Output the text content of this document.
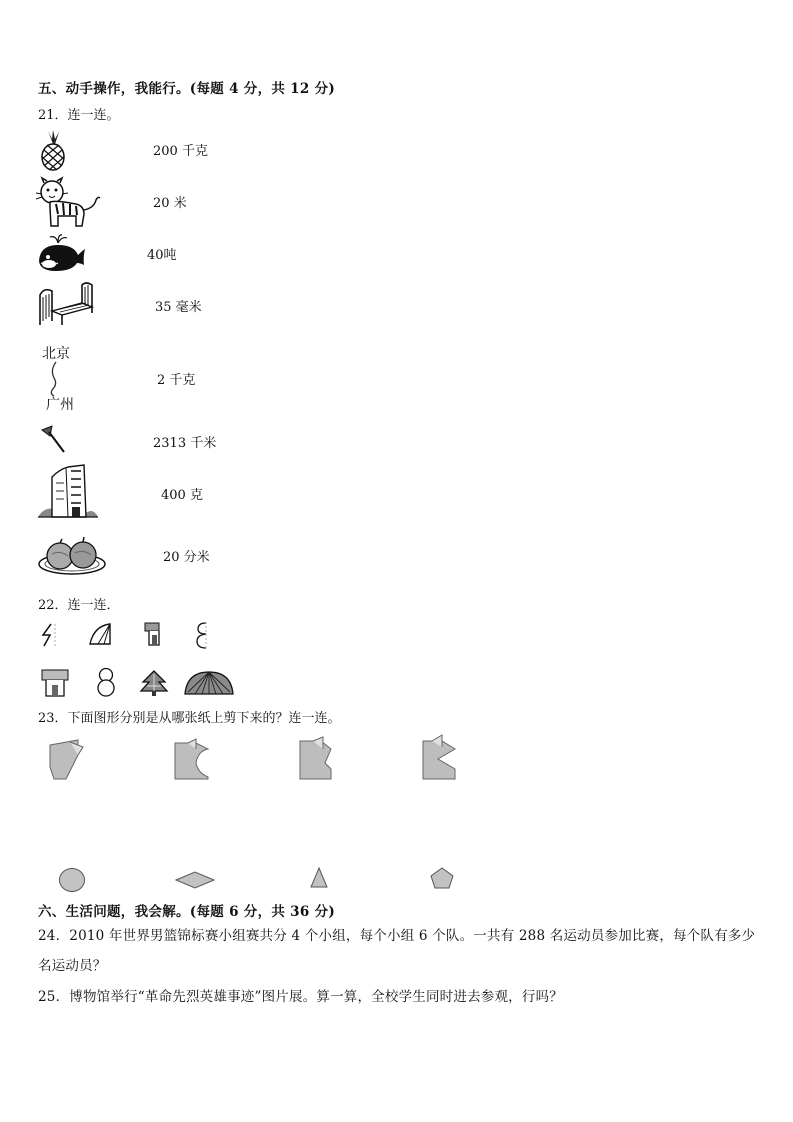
五、动手操作，我能行。(每题 4 分，共 12 分)
21．连一连。
200 千克
20 米
40吨
35 毫米
北京
广州
2 千克
2313 千米
400 克
20 分米
22．连一连．
23．下面图形分别是从哪张纸上剪下来的？连一连。
六、生活问题，我会解。(每题 6 分，共 36 分)
24．2010 年世界男篮锦标赛小组赛共分 4 个小组，每个小组 6 个队。一共有 288 名运动员参加比赛，每个队有多少名运动员？
25．博物馆举行“革命先烈英雄事迹”图片展。算一算，全校学生同时进去参观，行吗？
